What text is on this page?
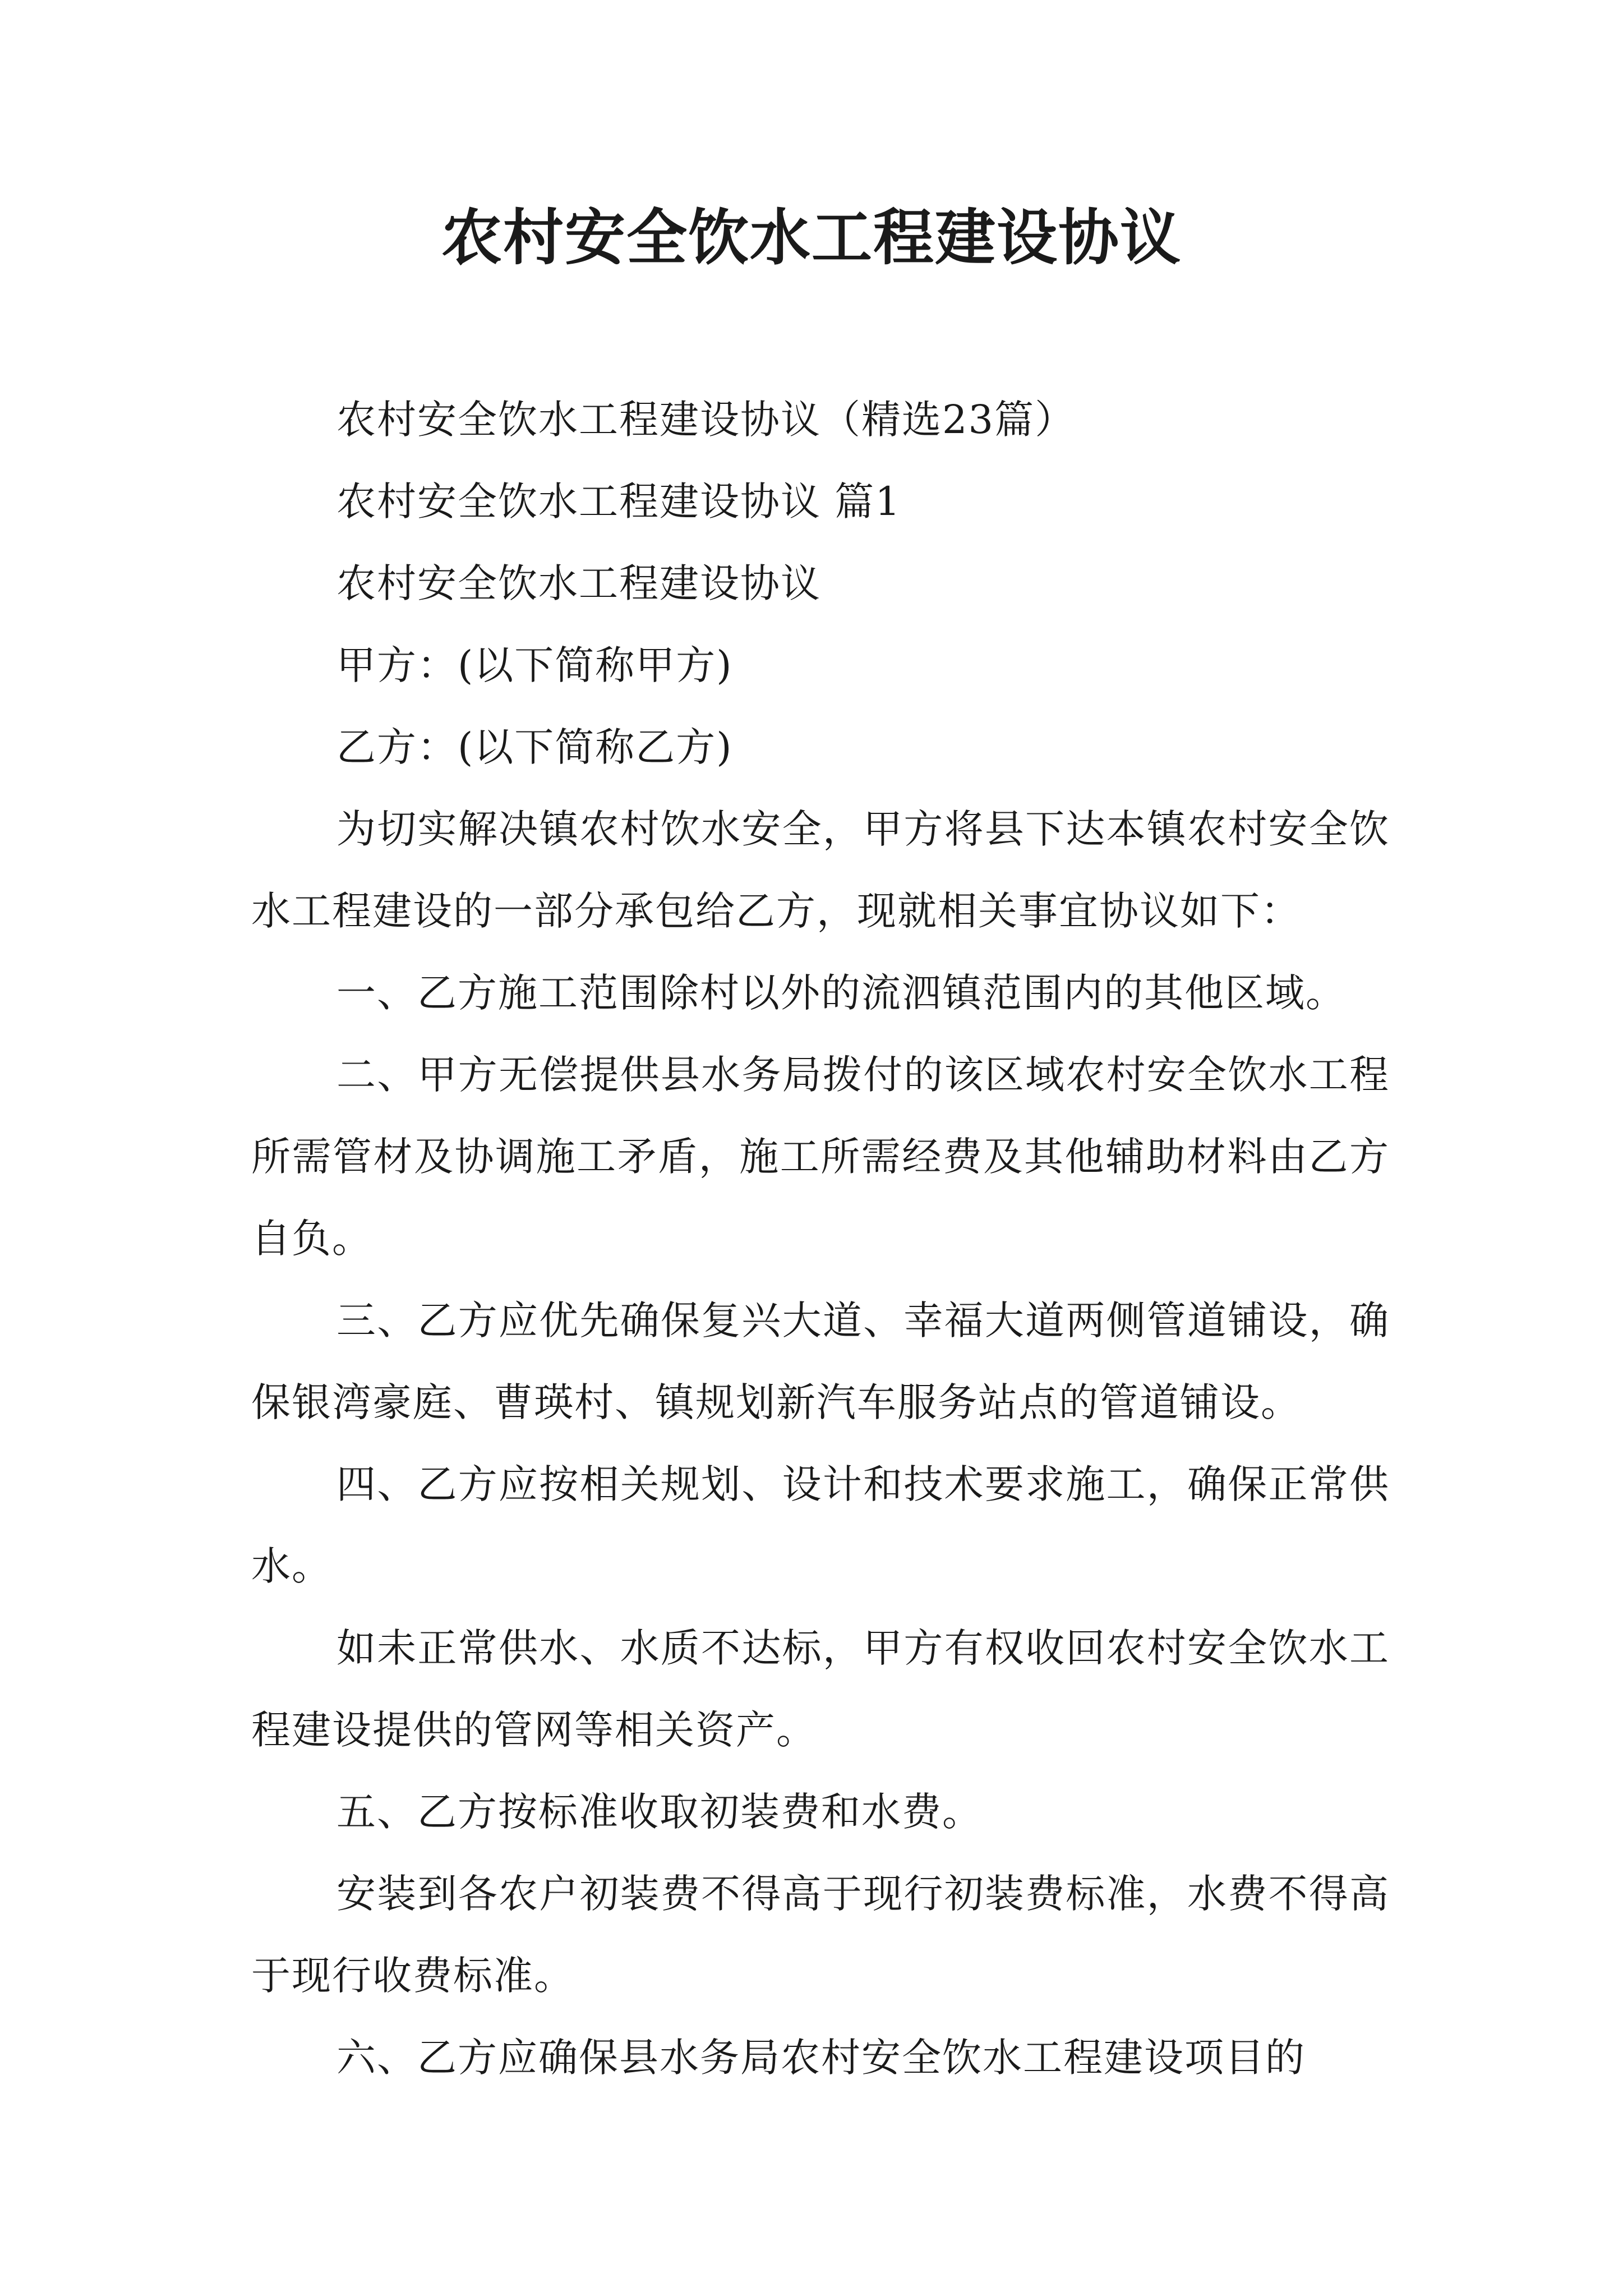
农村安全饮水工程建设协议

农村安全饮水工程建设协议（精选23篇）

农村安全饮水工程建设协议 篇1

农村安全饮水工程建设协议

甲方：(以下简称甲方)

乙方：(以下简称乙方)

为切实解决镇农村饮水安全，甲方将县下达本镇农村安全饮水工程建设的一部分承包给乙方，现就相关事宜协议如下：

一、乙方施工范围除村以外的流泗镇范围内的其他区域。

二、甲方无偿提供县水务局拨付的该区域农村安全饮水工程所需管材及协调施工矛盾，施工所需经费及其他辅助材料由乙方自负。

三、乙方应优先确保复兴大道、幸福大道两侧管道铺设，确保银湾豪庭、曹瑛村、镇规划新汽车服务站点的管道铺设。

四、乙方应按相关规划、设计和技术要求施工，确保正常供水。

如未正常供水、水质不达标，甲方有权收回农村安全饮水工程建设提供的管网等相关资产。

五、乙方按标准收取初装费和水费。

安装到各农户初装费不得高于现行初装费标准，水费不得高于现行收费标准。

六、乙方应确保县水务局农村安全饮水工程建设项目的
